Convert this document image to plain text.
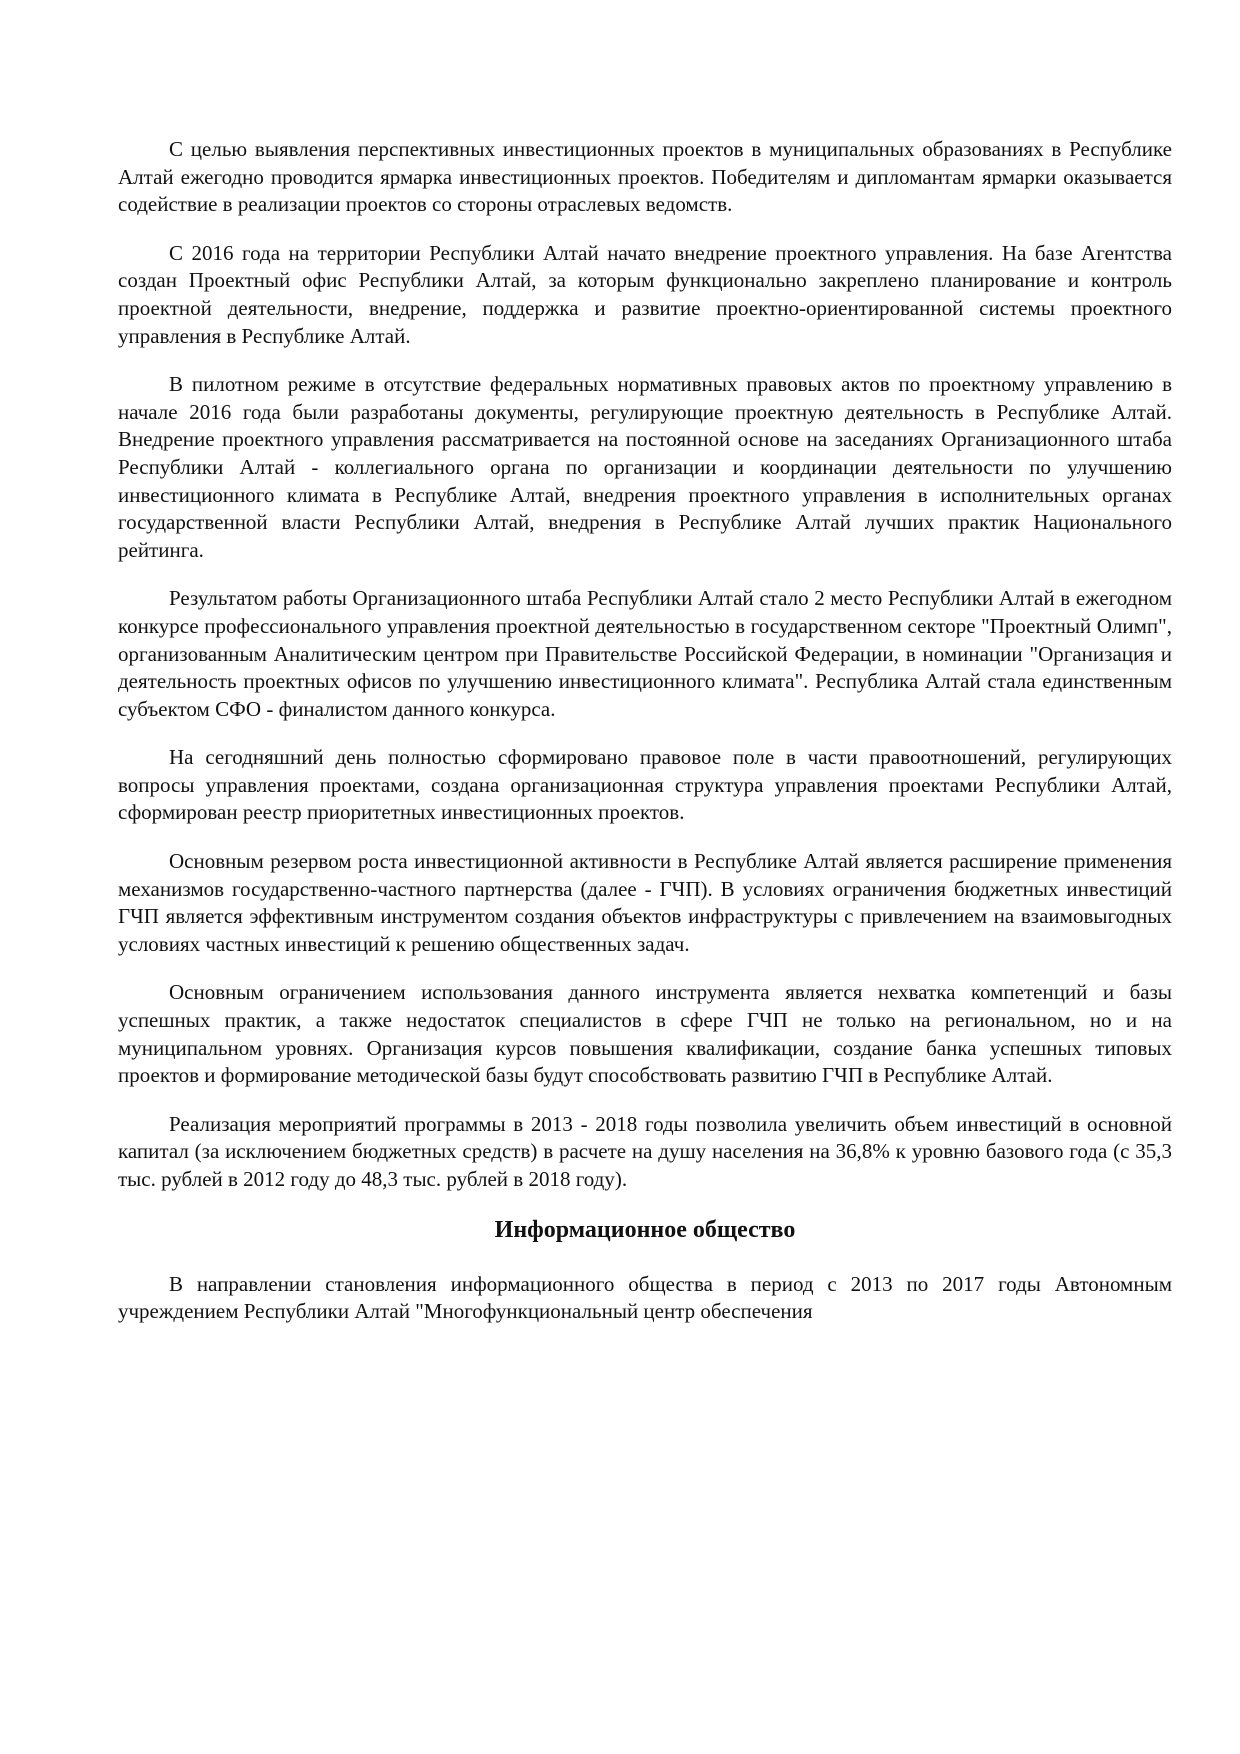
С целью выявления перспективных инвестиционных проектов в муниципальных образованиях в Республике Алтай ежегодно проводится ярмарка инвестиционных проектов. Победителям и дипломантам ярмарки оказывается содействие в реализации проектов со стороны отраслевых ведомств.

С 2016 года на территории Республики Алтай начато внедрение проектного управления. На базе Агентства создан Проектный офис Республики Алтай, за которым функционально закреплено планирование и контроль проектной деятельности, внедрение, поддержка и развитие проектно-ориентированной системы проектного управления в Республике Алтай.

В пилотном режиме в отсутствие федеральных нормативных правовых актов по проектному управлению в начале 2016 года были разработаны документы, регулирующие проектную деятельность в Республике Алтай. Внедрение проектного управления рассматривается на постоянной основе на заседаниях Организационного штаба Республики Алтай - коллегиального органа по организации и координации деятельности по улучшению инвестиционного климата в Республике Алтай, внедрения проектного управления в исполнительных органах государственной власти Республики Алтай, внедрения в Республике Алтай лучших практик Национального рейтинга.

Результатом работы Организационного штаба Республики Алтай стало 2 место Республики Алтай в ежегодном конкурсе профессионального управления проектной деятельностью в государственном секторе "Проектный Олимп", организованным Аналитическим центром при Правительстве Российской Федерации, в номинации "Организация и деятельность проектных офисов по улучшению инвестиционного климата". Республика Алтай стала единственным субъектом СФО - финалистом данного конкурса.

На сегодняшний день полностью сформировано правовое поле в части правоотношений, регулирующих вопросы управления проектами, создана организационная структура управления проектами Республики Алтай, сформирован реестр приоритетных инвестиционных проектов.

Основным резервом роста инвестиционной активности в Республике Алтай является расширение применения механизмов государственно-частного партнерства (далее - ГЧП). В условиях ограничения бюджетных инвестиций ГЧП является эффективным инструментом создания объектов инфраструктуры с привлечением на взаимовыгодных условиях частных инвестиций к решению общественных задач.

Основным ограничением использования данного инструмента является нехватка компетенций и базы успешных практик, а также недостаток специалистов в сфере ГЧП не только на региональном, но и на муниципальном уровнях. Организация курсов повышения квалификации, создание банка успешных типовых проектов и формирование методической базы будут способствовать развитию ГЧП в Республике Алтай.

Реализация мероприятий программы в 2013 - 2018 годы позволила увеличить объем инвестиций в основной капитал (за исключением бюджетных средств) в расчете на душу населения на 36,8% к уровню базового года (с 35,3 тыс. рублей в 2012 году до 48,3 тыс. рублей в 2018 году).

Информационное общество

В направлении становления информационного общества в период с 2013 по 2017 годы Автономным учреждением Республики Алтай "Многофункциональный центр обеспечения
